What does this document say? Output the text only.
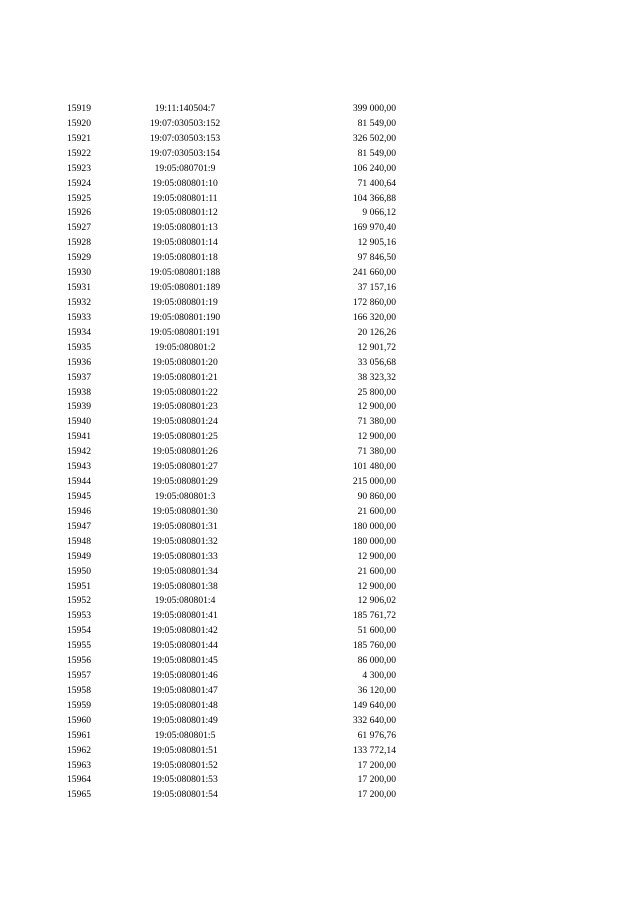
15919	19:11:140504:7	399 000,00
15920	19:07:030503:152	81 549,00
15921	19:07:030503:153	326 502,00
15922	19:07:030503:154	81 549,00
15923	19:05:080701:9	106 240,00
15924	19:05:080801:10	71 400,64
15925	19:05:080801:11	104 366,88
15926	19:05:080801:12	9 066,12
15927	19:05:080801:13	169 970,40
15928	19:05:080801:14	12 905,16
15929	19:05:080801:18	97 846,50
15930	19:05:080801:188	241 660,00
15931	19:05:080801:189	37 157,16
15932	19:05:080801:19	172 860,00
15933	19:05:080801:190	166 320,00
15934	19:05:080801:191	20 126,26
15935	19:05:080801:2	12 901,72
15936	19:05:080801:20	33 056,68
15937	19:05:080801:21	38 323,32
15938	19:05:080801:22	25 800,00
15939	19:05:080801:23	12 900,00
15940	19:05:080801:24	71 380,00
15941	19:05:080801:25	12 900,00
15942	19:05:080801:26	71 380,00
15943	19:05:080801:27	101 480,00
15944	19:05:080801:29	215 000,00
15945	19:05:080801:3	90 860,00
15946	19:05:080801:30	21 600,00
15947	19:05:080801:31	180 000,00
15948	19:05:080801:32	180 000,00
15949	19:05:080801:33	12 900,00
15950	19:05:080801:34	21 600,00
15951	19:05:080801:38	12 900,00
15952	19:05:080801:4	12 906,02
15953	19:05:080801:41	185 761,72
15954	19:05:080801:42	51 600,00
15955	19:05:080801:44	185 760,00
15956	19:05:080801:45	86 000,00
15957	19:05:080801:46	4 300,00
15958	19:05:080801:47	36 120,00
15959	19:05:080801:48	149 640,00
15960	19:05:080801:49	332 640,00
15961	19:05:080801:5	61 976,76
15962	19:05:080801:51	133 772,14
15963	19:05:080801:52	17 200,00
15964	19:05:080801:53	17 200,00
15965	19:05:080801:54	17 200,00
